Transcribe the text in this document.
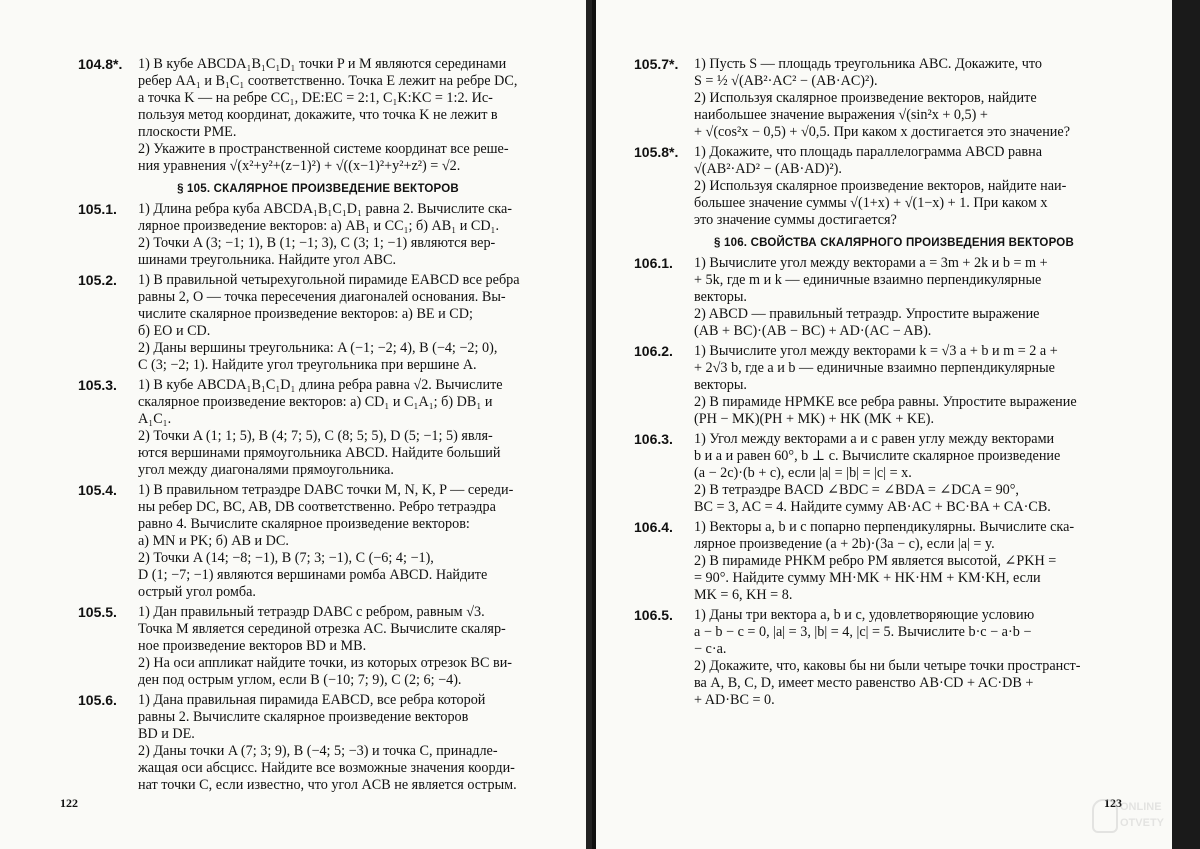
104.8*.	1) В кубе ABCDA₁B₁C₁D₁ точки P и M являются серединами
ребер AA₁ и B₁C₁ соответственно. Точка E лежит на ребре DC,
а точка K — на ребре CC₁, DE:EC = 2:1, C₁K:KC = 1:2. Ис-
пользуя метод координат, докажите, что точка K не лежит в
плоскости PME.
2) Укажите в пространственной системе координат все реше-
ния уравнения √(x²+y²+(z−1)²) + √((x−1)²+y²+z²) = √2.
§ 105. СКАЛЯРНОЕ ПРОИЗВЕДЕНИЕ ВЕКТОРОВ
105.1.	1) Длина ребра куба ABCDA₁B₁C₁D₁ равна 2. Вычислите ска-
лярное произведение векторов: а) AB₁ и CC₁; б) AB₁ и CD₁.
2) Точки A (3; −1; 1), B (1; −1; 3), C (3; 1; −1) являются вер-
шинами треугольника. Найдите угол ABC.
105.2.	1) В правильной четырехугольной пирамиде EABCD все ребра
равны 2, O — точка пересечения диагоналей основания. Вы-
числите скалярное произведение векторов: а) BE и CD;
б) EO и CD.
2) Даны вершины треугольника: A (−1; −2; 4), B (−4; −2; 0),
C (3; −2; 1). Найдите угол треугольника при вершине A.
105.3.	1) В кубе ABCDA₁B₁C₁D₁ длина ребра равна √2. Вычислите
скалярное произведение векторов: а) CD₁ и C₁A₁; б) DB₁ и
A₁C₁.
2) Точки A (1; 1; 5), B (4; 7; 5), C (8; 5; 5), D (5; −1; 5) явля-
ются вершинами прямоугольника ABCD. Найдите больший
угол между диагоналями прямоугольника.
105.4.	1) В правильном тетраэдре DABC точки M, N, K, P — середи-
ны ребер DC, BC, AB, DB соответственно. Ребро тетраэдра
равно 4. Вычислите скалярное произведение векторов:
а) MN и PK; б) AB и DC.
2) Точки A (14; −8; −1), B (7; 3; −1), C (−6; 4; −1),
D (1; −7; −1) являются вершинами ромба ABCD. Найдите
острый угол ромба.
105.5.	1) Дан правильный тетраэдр DABC с ребром, равным √3.
Точка M является серединой отрезка AC. Вычислите скаляр-
ное произведение векторов BD и MB.
2) На оси аппликат найдите точки, из которых отрезок BC ви-
ден под острым углом, если B (−10; 7; 9), C (2; 6; −4).
105.6.	1) Дана правильная пирамида EABCD, все ребра которой
равны 2. Вычислите скалярное произведение векторов
BD и DE.
2) Даны точки A (7; 3; 9), B (−4; 5; −3) и точка C, принадле-
жащая оси абсцисс. Найдите все возможные значения коорди-
нат точки C, если известно, что угол ACB не является острым.
122
105.7*.	1) Пусть S — площадь треугольника ABC. Докажите, что
S = ½ √(AB²·AC² − (AB·AC)²).
2) Используя скалярное произведение векторов, найдите
наибольшее значение выражения √(sin²x + 0,5) +
+ √(cos²x − 0,5) + √0,5. При каком x достигается это значение?
105.8*.	1) Докажите, что площадь параллелограмма ABCD равна
√(AB²·AD² − (AB·AD)²).
2) Используя скалярное произведение векторов, найдите наи-
большее значение суммы √(1+x) + √(1−x) + 1. При каком x
это значение суммы достигается?
§ 106. СВОЙСТВА СКАЛЯРНОГО ПРОИЗВЕДЕНИЯ ВЕКТОРОВ
106.1.	1) Вычислите угол между векторами a = 3m + 2k и b = m +
+ 5k, где m и k — единичные взаимно перпендикулярные
векторы.
2) ABCD — правильный тетраэдр. Упростите выражение
(AB + BC)·(AB − BC) + AD·(AC − AB).
106.2.	1) Вычислите угол между векторами k = √3 a + b и m = 2 a +
+ 2√3 b, где a и b — единичные взаимно перпендикулярные
векторы.
2) В пирамиде HPMKE все ребра равны. Упростите выражение
(PH − MK)(PH + MK) + HK (MK + KE).
106.3.	1) Угол между векторами a и c равен углу между векторами
b и a и равен 60°, b ⊥ c. Вычислите скалярное произведение
(a − 2c)·(b + c), если |a| = |b| = |c| = x.
2) В тетраэдре BACD ∠BDC = ∠BDA = ∠DCA = 90°,
BC = 3, AC = 4. Найдите сумму AB·AC + BC·BA + CA·CB.
106.4.	1) Векторы a, b и c попарно перпендикулярны. Вычислите ска-
лярное произведение (a + 2b)·(3a − c), если |a| = y.
2) В пирамиде PHKM ребро PM является высотой, ∠PKH =
= 90°. Найдите сумму MH·MK + HK·HM + KM·KH, если
MK = 6, KH = 8.
106.5.	1) Даны три вектора a, b и c, удовлетворяющие условию
a − b − c = 0, |a| = 3, |b| = 4, |c| = 5. Вычислите b·c − a·b −
− c·a.
2) Докажите, что, каковы бы ни были четыре точки пространст-
ва A, B, C, D, имеет место равенство AB·CD + AC·DB +
+ AD·BC = 0.
123
ONLINE
OTVETY
